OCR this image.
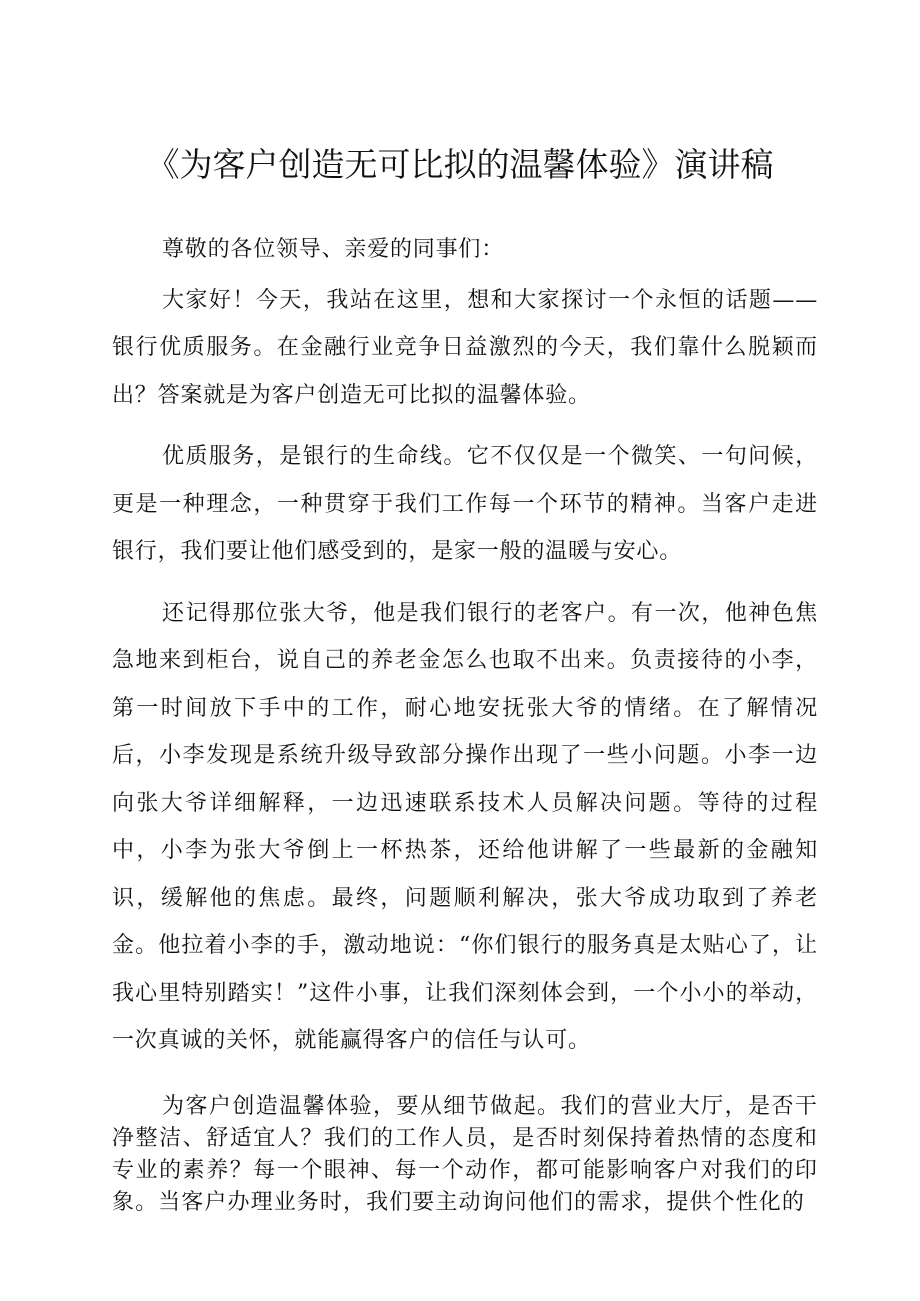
《为客户创造无可比拟的温馨体验》演讲稿

尊敬的各位领导、亲爱的同事们：

大家好！今天，我站在这里，想和大家探讨一个永恒的话题——银行优质服务。在金融行业竞争日益激烈的今天，我们靠什么脱颖而出？答案就是为客户创造无可比拟的温馨体验。

优质服务，是银行的生命线。它不仅仅是一个微笑、一句问候，更是一种理念，一种贯穿于我们工作每一个环节的精神。当客户走进银行，我们要让他们感受到的，是家一般的温暖与安心。

还记得那位张大爷，他是我们银行的老客户。有一次，他神色焦急地来到柜台，说自己的养老金怎么也取不出来。负责接待的小李，第一时间放下手中的工作，耐心地安抚张大爷的情绪。在了解情况后，小李发现是系统升级导致部分操作出现了一些小问题。小李一边向张大爷详细解释，一边迅速联系技术人员解决问题。等待的过程中，小李为张大爷倒上一杯热茶，还给他讲解了一些最新的金融知识，缓解他的焦虑。最终，问题顺利解决，张大爷成功取到了养老金。他拉着小李的手，激动地说：“你们银行的服务真是太贴心了，让我心里特别踏实！”这件小事，让我们深刻体会到，一个小小的举动，一次真诚的关怀，就能赢得客户的信任与认可。

为客户创造温馨体验，要从细节做起。我们的营业大厅，是否干净整洁、舒适宜人？我们的工作人员，是否时刻保持着热情的态度和专业的素养？每一个眼神、每一个动作，都可能影响客户对我们的印象。当客户办理业务时，我们要主动询问他们的需求，提供个性化的
